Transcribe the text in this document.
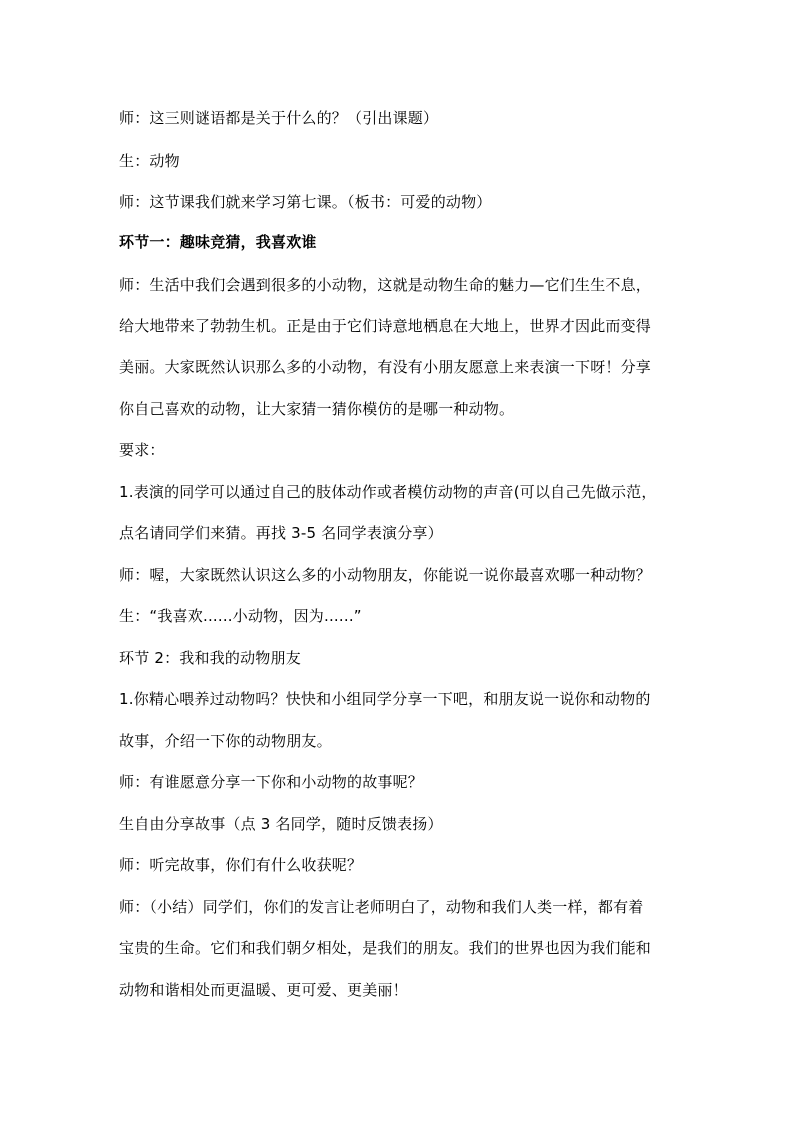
师：这三则谜语都是关于什么的？（引出课题）
生：动物
师：这节课我们就来学习第七课。（板书：可爱的动物）
环节一：趣味竞猜，我喜欢谁
师：生活中我们会遇到很多的小动物，这就是动物生命的魅力—它们生生不息，
给大地带来了勃勃生机。正是由于它们诗意地栖息在大地上，世界才因此而变得
美丽。大家既然认识那么多的小动物，有没有小朋友愿意上来表演一下呀！分享
你自己喜欢的动物，让大家猜一猜你模仿的是哪一种动物。
要求：
1.表演的同学可以通过自己的肢体动作或者模仿动物的声音(可以自己先做示范，
点名请同学们来猜。再找 3-5 名同学表演分享）
师：喔，大家既然认识这么多的小动物朋友，你能说一说你最喜欢哪一种动物？
生：“我喜欢......小动物，因为......”
环节 2：我和我的动物朋友
1.你精心喂养过动物吗？快快和小组同学分享一下吧，和朋友说一说你和动物的
故事，介绍一下你的动物朋友。
师：有谁愿意分享一下你和小动物的故事呢？
生自由分享故事（点 3 名同学，随时反馈表扬）
师：听完故事，你们有什么收获呢？
师：（小结）同学们，你们的发言让老师明白了，动物和我们人类一样，都有着
宝贵的生命。它们和我们朝夕相处，是我们的朋友。我们的世界也因为我们能和
动物和谐相处而更温暖、更可爱、更美丽！
